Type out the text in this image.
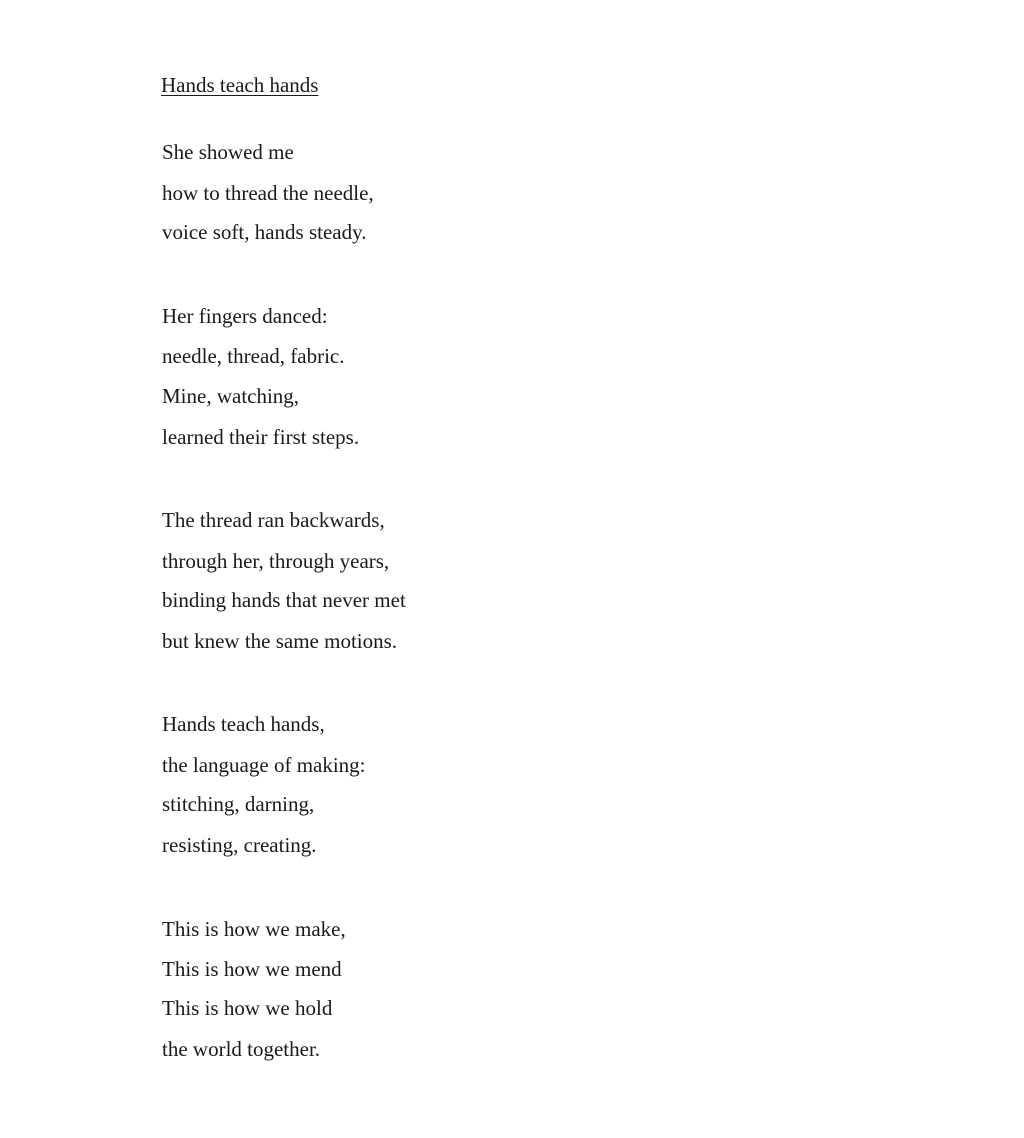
Hands teach hands
She showed me
how to thread the needle,
voice soft, hands steady.
Her fingers danced:
needle, thread, fabric.
Mine, watching,
learned their first steps.
The thread ran backwards,
through her, through years,
binding hands that never met
but knew the same motions.
Hands teach hands,
the language of making:
stitching, darning,
resisting, creating.
This is how we make,
This is how we mend
This is how we hold
the world together.
